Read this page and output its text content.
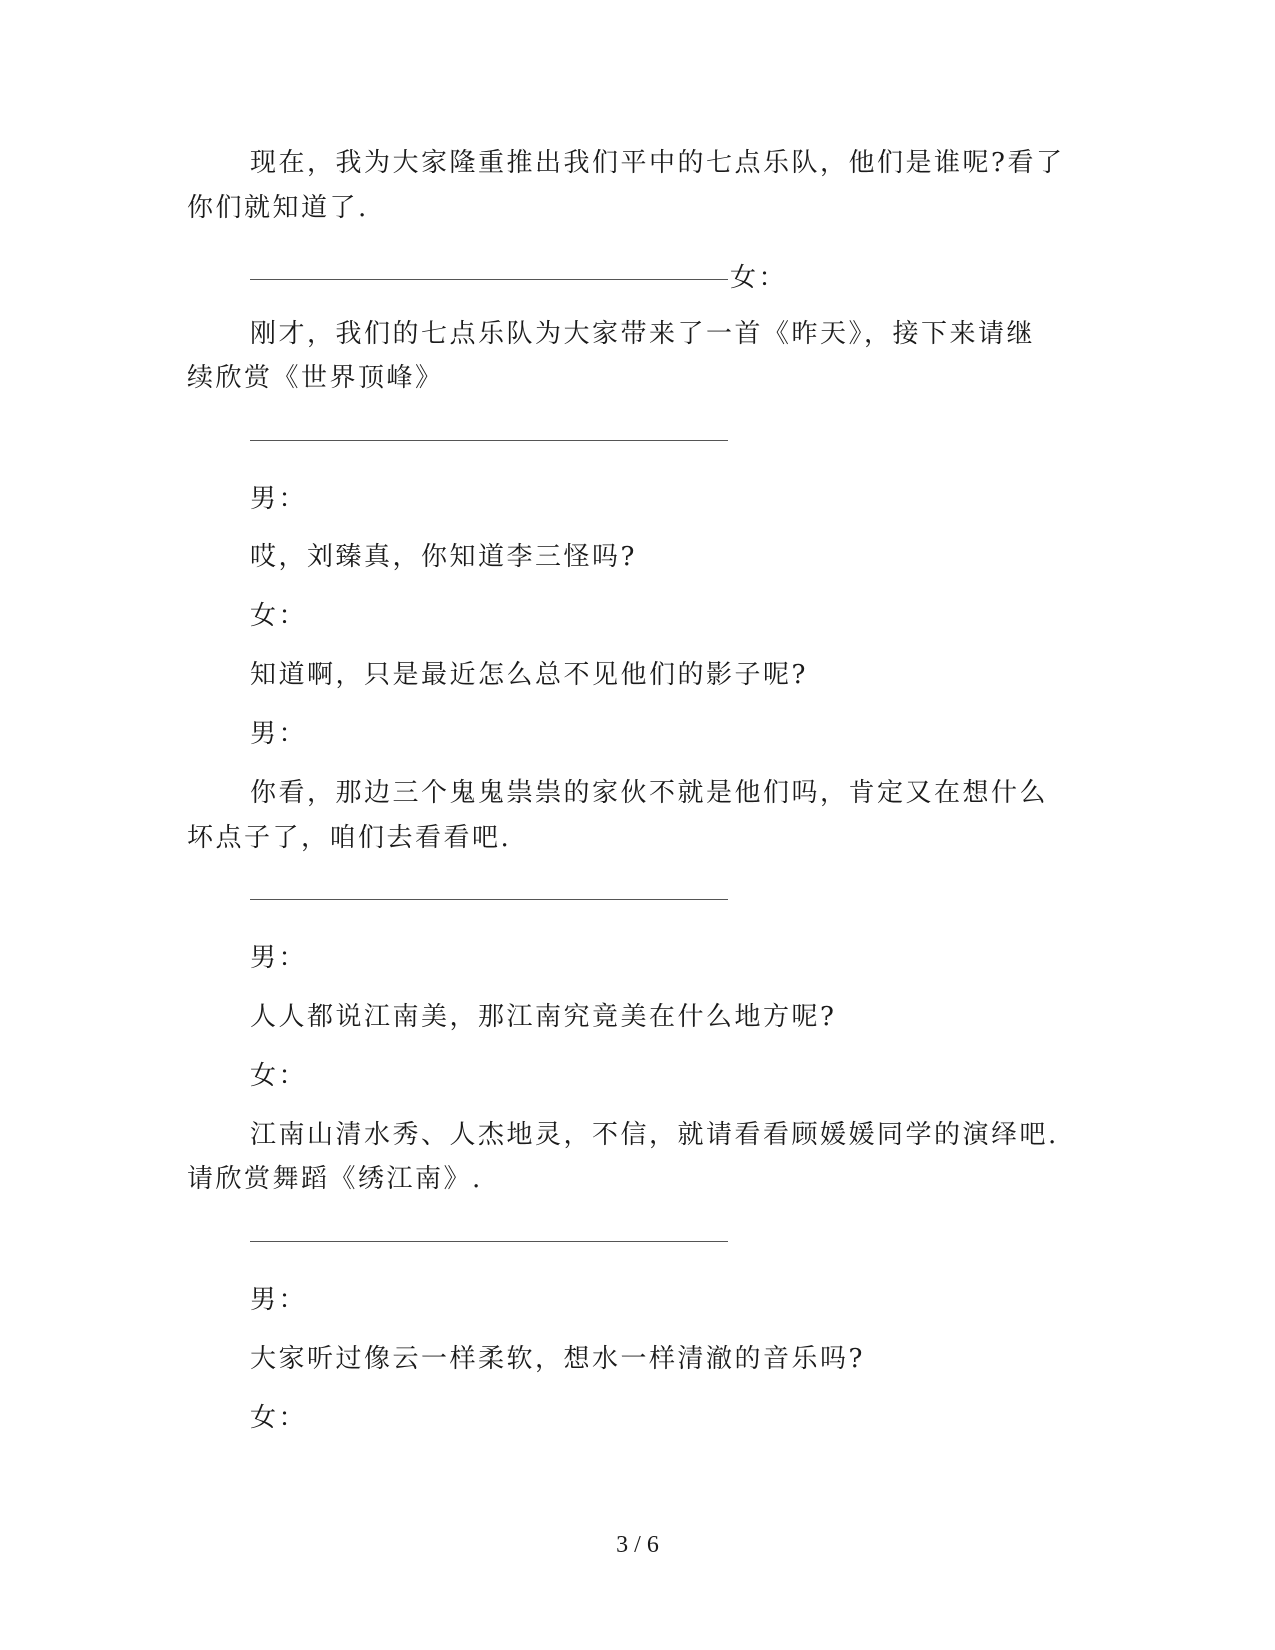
现在，我为大家隆重推出我们平中的七点乐队，他们是谁呢?看了

你们就知道了.

女：

刚才，我们的七点乐队为大家带来了一首《昨天》，接下来请继

续欣赏《世界顶峰》

男：

哎，刘臻真，你知道李三怪吗?

女：

知道啊，只是最近怎么总不见他们的影子呢?

男：

你看，那边三个鬼鬼祟祟的家伙不就是他们吗，肯定又在想什么

坏点子了，咱们去看看吧.

男：

人人都说江南美，那江南究竟美在什么地方呢?

女：

江南山清水秀、人杰地灵，不信，就请看看顾媛媛同学的演绎吧.

请欣赏舞蹈《绣江南》.

男：

大家听过像云一样柔软，想水一样清澈的音乐吗?

女：

3 / 6
